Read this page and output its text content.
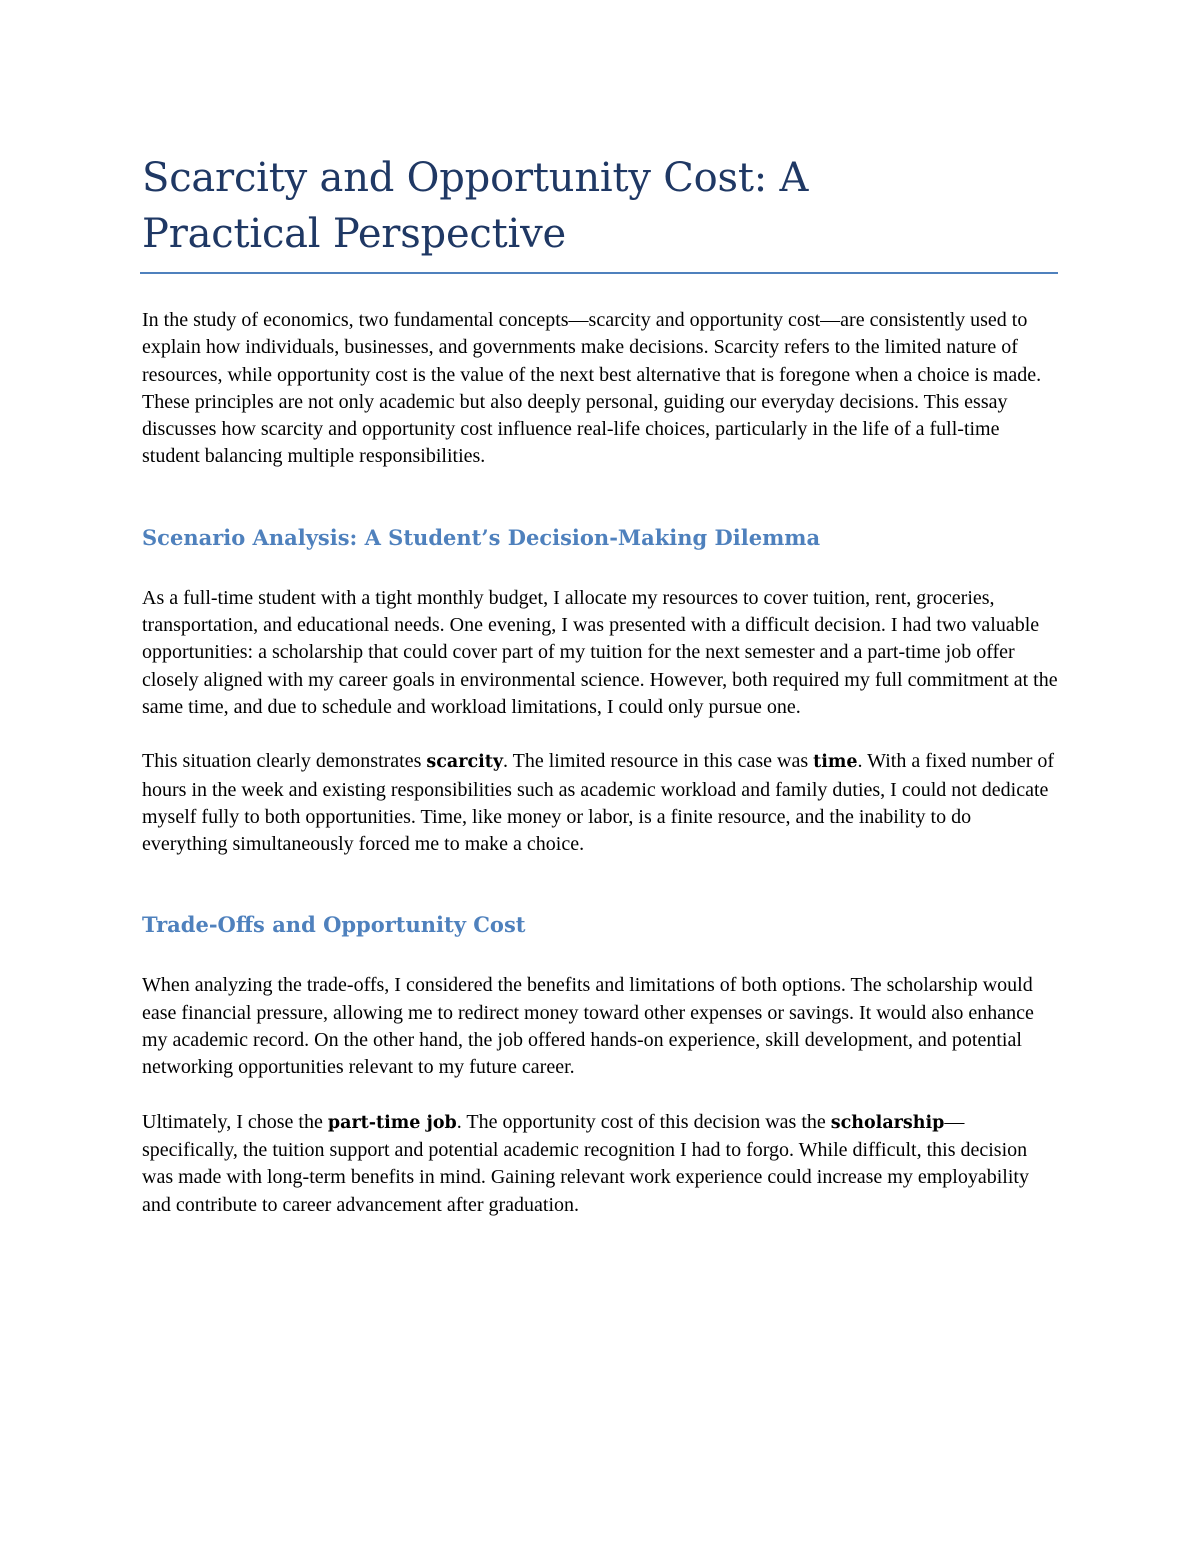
Scarcity and Opportunity Cost: A
Practical Perspective

In the study of economics, two fundamental concepts—scarcity and opportunity cost—are consistently used to explain how individuals, businesses, and governments make decisions. Scarcity refers to the limited nature of resources, while opportunity cost is the value of the next best alternative that is foregone when a choice is made. These principles are not only academic but also deeply personal, guiding our everyday decisions. This essay discusses how scarcity and opportunity cost influence real-life choices, particularly in the life of a full-time student balancing multiple responsibilities.

Scenario Analysis: A Student’s Decision-Making Dilemma

As a full-time student with a tight monthly budget, I allocate my resources to cover tuition, rent, groceries, transportation, and educational needs. One evening, I was presented with a difficult decision. I had two valuable opportunities: a scholarship that could cover part of my tuition for the next semester and a part-time job offer closely aligned with my career goals in environmental science. However, both required my full commitment at the same time, and due to schedule and workload limitations, I could only pursue one.

This situation clearly demonstrates scarcity. The limited resource in this case was time. With a fixed number of hours in the week and existing responsibilities such as academic workload and family duties, I could not dedicate myself fully to both opportunities. Time, like money or labor, is a finite resource, and the inability to do everything simultaneously forced me to make a choice.

Trade-Offs and Opportunity Cost

When analyzing the trade-offs, I considered the benefits and limitations of both options. The scholarship would ease financial pressure, allowing me to redirect money toward other expenses or savings. It would also enhance my academic record. On the other hand, the job offered hands-on experience, skill development, and potential networking opportunities relevant to my future career.

Ultimately, I chose the part-time job. The opportunity cost of this decision was the scholarship—specifically, the tuition support and potential academic recognition I had to forgo. While difficult, this decision was made with long-term benefits in mind. Gaining relevant work experience could increase my employability and contribute to career advancement after graduation.
